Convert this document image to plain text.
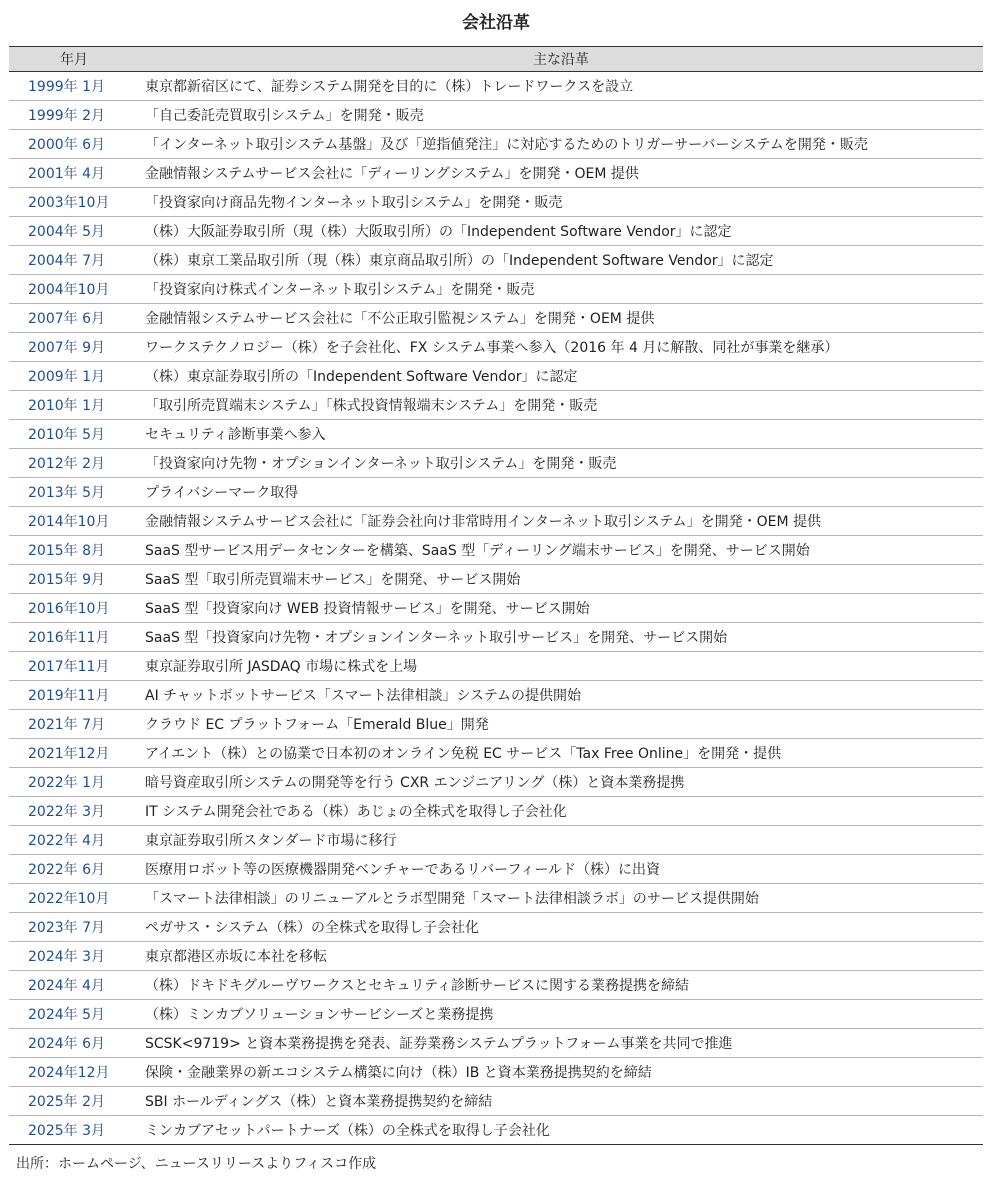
会社沿革
年月	主な沿革
1999年 1月	東京都新宿区にて、証券システム開発を目的に（株）トレードワークスを設立
1999年 2月	「自己委託売買取引システム」を開発・販売
2000年 6月	「インターネット取引システム基盤」及び「逆指値発注」に対応するためのトリガーサーバーシステムを開発・販売
2001年 4月	金融情報システムサービス会社に「ディーリングシステム」を開発・OEM 提供
2003年10月	「投資家向け商品先物インターネット取引システム」を開発・販売
2004年 5月	（株）大阪証券取引所（現（株）大阪取引所）の「Independent Software Vendor」に認定
2004年 7月	（株）東京工業品取引所（現（株）東京商品取引所）の「Independent Software Vendor」に認定
2004年10月	「投資家向け株式インターネット取引システム」を開発・販売
2007年 6月	金融情報システムサービス会社に「不公正取引監視システム」を開発・OEM 提供
2007年 9月	ワークステクノロジー（株）を子会社化、FX システム事業へ参入（2016 年 4 月に解散、同社が事業を継承）
2009年 1月	（株）東京証券取引所の「Independent Software Vendor」に認定
2010年 1月	「取引所売買端末システム」「株式投資情報端末システム」を開発・販売
2010年 5月	セキュリティ診断事業へ参入
2012年 2月	「投資家向け先物・オプションインターネット取引システム」を開発・販売
2013年 5月	プライバシーマーク取得
2014年10月	金融情報システムサービス会社に「証券会社向け非常時用インターネット取引システム」を開発・OEM 提供
2015年 8月	SaaS 型サービス用データセンターを構築、SaaS 型「ディーリング端末サービス」を開発、サービス開始
2015年 9月	SaaS 型「取引所売買端末サービス」を開発、サービス開始
2016年10月	SaaS 型「投資家向け WEB 投資情報サービス」を開発、サービス開始
2016年11月	SaaS 型「投資家向け先物・オプションインターネット取引サービス」を開発、サービス開始
2017年11月	東京証券取引所 JASDAQ 市場に株式を上場
2019年11月	AI チャットボットサービス「スマート法律相談」システムの提供開始
2021年 7月	クラウド EC プラットフォーム「Emerald Blue」開発
2021年12月	アイエント（株）との協業で日本初のオンライン免税 EC サービス「Tax Free Online」を開発・提供
2022年 1月	暗号資産取引所システムの開発等を行う CXR エンジニアリング（株）と資本業務提携
2022年 3月	IT システム開発会社である（株）あじょの全株式を取得し子会社化
2022年 4月	東京証券取引所スタンダード市場に移行
2022年 6月	医療用ロボット等の医療機器開発ベンチャーであるリバーフィールド（株）に出資
2022年10月	「スマート法律相談」のリニューアルとラボ型開発「スマート法律相談ラボ」のサービス提供開始
2023年 7月	ペガサス・システム（株）の全株式を取得し子会社化
2024年 3月	東京都港区赤坂に本社を移転
2024年 4月	（株）ドキドキグルーヴワークスとセキュリティ診断サービスに関する業務提携を締結
2024年 5月	（株）ミンカブソリューションサービシーズと業務提携
2024年 6月	SCSK<9719> と資本業務提携を発表、証券業務システムプラットフォーム事業を共同で推進
2024年12月	保険・金融業界の新エコシステム構築に向け（株）IB と資本業務提携契約を締結
2025年 2月	SBI ホールディングス（株）と資本業務提携契約を締結
2025年 3月	ミンカブアセットパートナーズ（株）の全株式を取得し子会社化
出所：ホームページ、ニュースリリースよりフィスコ作成
